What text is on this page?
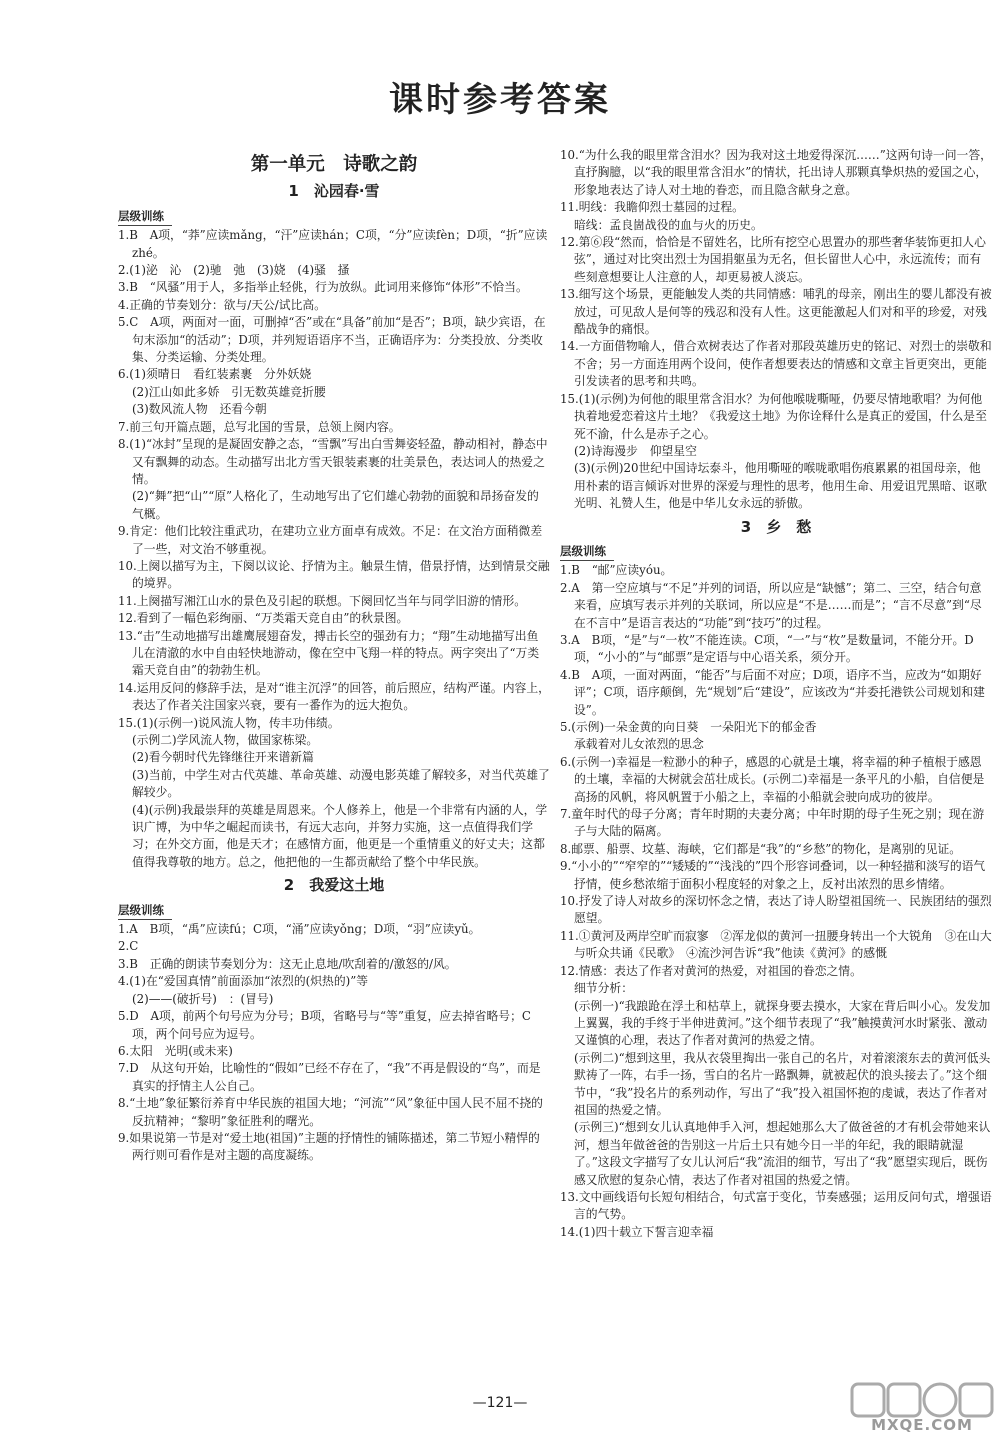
课时参考答案
第一单元　诗歌之韵
1　沁园春·雪
层级训练

1.B　A项，“莽”应读mǎng，“汗”应读hán；C项，“分”应读fèn；D项，“折”应读zhé。

2.(1)泌　沁　(2)驰　弛　(3)娆　(4)骚　搔

3.B　“风骚”用于人，多指举止轻佻，行为放纵。此词用来修饰“体形”不恰当。

4.正确的节奏划分：欲与/天公/试比高。

5.C　A项，两面对一面，可删掉“否”或在“具备”前加“是否”；B项，缺少宾语，在句末添加“的活动”；D项，并列短语语序不当，正确语序为：分类投放、分类收集、分类运输、分类处理。

6.(1)须晴日　看红装素裹　分外妖娆

(2)江山如此多娇　引无数英雄竞折腰

(3)数风流人物　还看今朝

7.前三句开篇点题，总写北国的雪景，总领上阕内容。

8.(1)“冰封”呈现的是凝固安静之态，“雪飘”写出白雪舞姿轻盈，静动相衬，静态中又有飘舞的动态。生动描写出北方雪天银装素裹的壮美景色，表达词人的热爱之情。

(2)“舞”把“山”“原”人格化了，生动地写出了它们雄心勃勃的面貌和昂扬奋发的气概。

9.肯定：他们比较注重武功，在建功立业方面卓有成效。不足：在文治方面稍微差了一些，对文治不够重视。

10.上阕以描写为主，下阕以议论、抒情为主。触景生情，借景抒情，达到情景交融的境界。

11.上阕描写湘江山水的景色及引起的联想。下阕回忆当年与同学旧游的情形。

12.看到了一幅色彩绚丽、“万类霜天竞自由”的秋景图。

13.“击”生动地描写出雄鹰展翅奋发，搏击长空的强劲有力；“翔”生动地描写出鱼儿在清澈的水中自由轻快地游动，像在空中飞翔一样的特点。两字突出了“万类霜天竞自由”的勃勃生机。

14.运用反问的修辞手法，是对“谁主沉浮”的回答，前后照应，结构严谨。内容上，表达了作者关注国家兴衰，要有一番作为的远大抱负。

15.(1)(示例一)说风流人物，传丰功伟绩。

(示例二)学风流人物，做国家栋梁。

(2)看今朝时代先锋继往开来谱新篇

(3)当前，中学生对古代英雄、革命英雄、动漫电影英雄了解较多，对当代英雄了解较少。

(4)(示例)我最崇拜的英雄是周恩来。个人修养上，他是一个非常有内涵的人，学识广博，为中华之崛起而读书，有远大志向，并努力实施，这一点值得我们学习；在外交方面，他是天才；在感情方面，他更是一个重情重义的好丈夫；这都值得我尊敬的地方。总之，他把他的一生都贡献给了整个中华民族。

2　我爱这土地
层级训练

1.A　B项，“禹”应读fú；C项，“涌”应读yǒng；D项，“羽”应读yǔ。

2.C

3.B　正确的朗读节奏划分为：这无止息地/吹刮着的/激怒的/风。

4.(1)在“爱国真情”前面添加“浓烈的(炽热的)”等

(2)——(破折号)　：(冒号)

5.D　A项，前两个句号应为分号；B项，省略号与“等”重复，应去掉省略号；C项，两个问号应为逗号。

6.太阳　光明(或未来)

7.D　从这句开始，比喻性的“假如”已经不存在了，“我”不再是假设的“鸟”，而是真实的抒情主人公自己。

8.“土地”象征繁衍养育中华民族的祖国大地；“河流”“风”象征中国人民不屈不挠的反抗精神；“黎明”象征胜利的曙光。

9.如果说第一节是对“爱土地(祖国)”主题的抒情性的铺陈描述，第二节短小精悍的两行则可看作是对主题的高度凝练。

10.“为什么我的眼里常含泪水？因为我对这土地爱得深沉……”这两句诗一问一答，直抒胸臆，以“我的眼里常含泪水”的情状，托出诗人那颗真挚炽热的爱国之心，形象地表达了诗人对土地的眷恋，而且隐含献身之意。

11.明线：我瞻仰烈士墓园的过程。

暗线：孟良崮战役的血与火的历史。

12.第⑥段“然而，恰恰是不留姓名，比所有挖空心思置办的那些奢华装饰更扣人心弦”，通过对比突出烈士为国捐躯虽为无名，但长留世人心中，永远流传；而有些刻意想要让人注意的人，却更易被人淡忘。

13.细写这个场景，更能触发人类的共同情感：哺乳的母亲，刚出生的婴儿都没有被放过，可见敌人是何等的残忍和没有人性。这更能激起人们对和平的珍爱，对残酷战争的痛恨。

14.一方面借物喻人，借合欢树表达了作者对那段英雄历史的铭记、对烈士的崇敬和不舍；另一方面连用两个设问，使作者想要表达的情感和文章主旨更突出，更能引发读者的思考和共鸣。

15.(1)(示例)为何他的眼里常含泪水？为何他喉咙嘶哑，仍要尽情地歌唱？为何他执着地爱恋着这片土地？《我爱这土地》为你诠释什么是真正的爱国，什么是至死不渝，什么是赤子之心。

(2)诗海漫步　仰望星空

(3)(示例)20世纪中国诗坛泰斗，他用嘶哑的喉咙歌唱伤痕累累的祖国母亲，他用朴素的语言倾诉对世界的深爱与理性的思考，他用生命、用爱诅咒黑暗、讴歌光明、礼赞人生，他是中华儿女永远的骄傲。

3　乡　愁
层级训练

1.B　“邮”应读yóu。

2.A　第一空应填与“不足”并列的词语，所以应是“缺憾”；第二、三空，结合句意来看，应填写表示并列的关联词，所以应是“不是……而是”；“言不尽意”到“尽在不言中”是语言表达的“功能”到“技巧”的过程。

3.A　B项，“是”与“一枚”不能连读。C项，“一”与“枚”是数量词，不能分开。D项，“小小的”与“邮票”是定语与中心语关系，须分开。

4.B　A项，一面对两面，“能否”与后面不对应；D项，语序不当，应改为“如期好评”；C项，语序颠倒，先“规划”后“建设”，应该改为“并委托港铁公司规划和建设”。

5.(示例)一朵金黄的向日葵　一朵阳光下的郁金香

承载着对儿女浓烈的思念

6.(示例一)幸福是一粒渺小的种子，感恩的心就是土壤，将幸福的种子植根于感恩的土壤，幸福的大树就会茁壮成长。(示例二)幸福是一条平凡的小船，自信便是高扬的风帆，将风帆置于小船之上，幸福的小船就会驶向成功的彼岸。

7.童年时代的母子分离；青年时期的夫妻分离；中年时期的母子生死之别；现在游子与大陆的隔离。

8.邮票、船票、坟墓、海峡，它们都是“我”的“乡愁”的物化，是离别的见证。

9.“小小的”“窄窄的”“矮矮的”“浅浅的”四个形容词叠词，以一种轻描和淡写的语气抒情，使乡愁浓缩于面积小程度轻的对象之上，反衬出浓烈的思乡情绪。

10.抒发了诗人对故乡的深切怀念之情，表达了诗人盼望祖国统一、民族团结的强烈愿望。

11.①黄河及两岸空旷而寂寥　②浑龙似的黄河一扭腰身转出一个大锐角　③在山大与听众共诵《民歌》　④流沙河告诉“我”他读《黄河》的感慨

12.情感：表达了作者对黄河的热爱，对祖国的眷恋之情。

细节分析：

(示例一)“我踉跄在浮土和枯草上，就探身要去摸水，大家在背后叫小心。发发加上翼翼，我的手终于半伸进黄河。”这个细节表现了“我”触摸黄河水时紧张、激动又谨慎的心理，表达了作者对黄河的热爱之情。

(示例二)“想到这里，我从衣袋里掏出一张自己的名片，对着滚滚东去的黄河低头默祷了一阵，右手一扬，雪白的名片一路飘舞，就被起伏的浪头接去了。”这个细节中，“我”投名片的系列动作，写出了“我”投入祖国怀抱的虔诚，表达了作者对祖国的热爱之情。

(示例三)“想到女儿认真地伸手入河，想起她那么大了做爸爸的才有机会带她来认河，想当年做爸爸的告别这一片后土只有她今日一半的年纪，我的眼睛就湿了。”这段文字描写了女儿认河后“我”流泪的细节，写出了“我”愿望实现后，既伤感又欣慰的复杂心情，表达了作者对祖国的热爱之情。

13.文中画线语句长短句相结合，句式富于变化，节奏感强；运用反问句式，增强语言的气势。

14.(1)四十载立下誓言迎幸福

—121—
MXQE.COM
